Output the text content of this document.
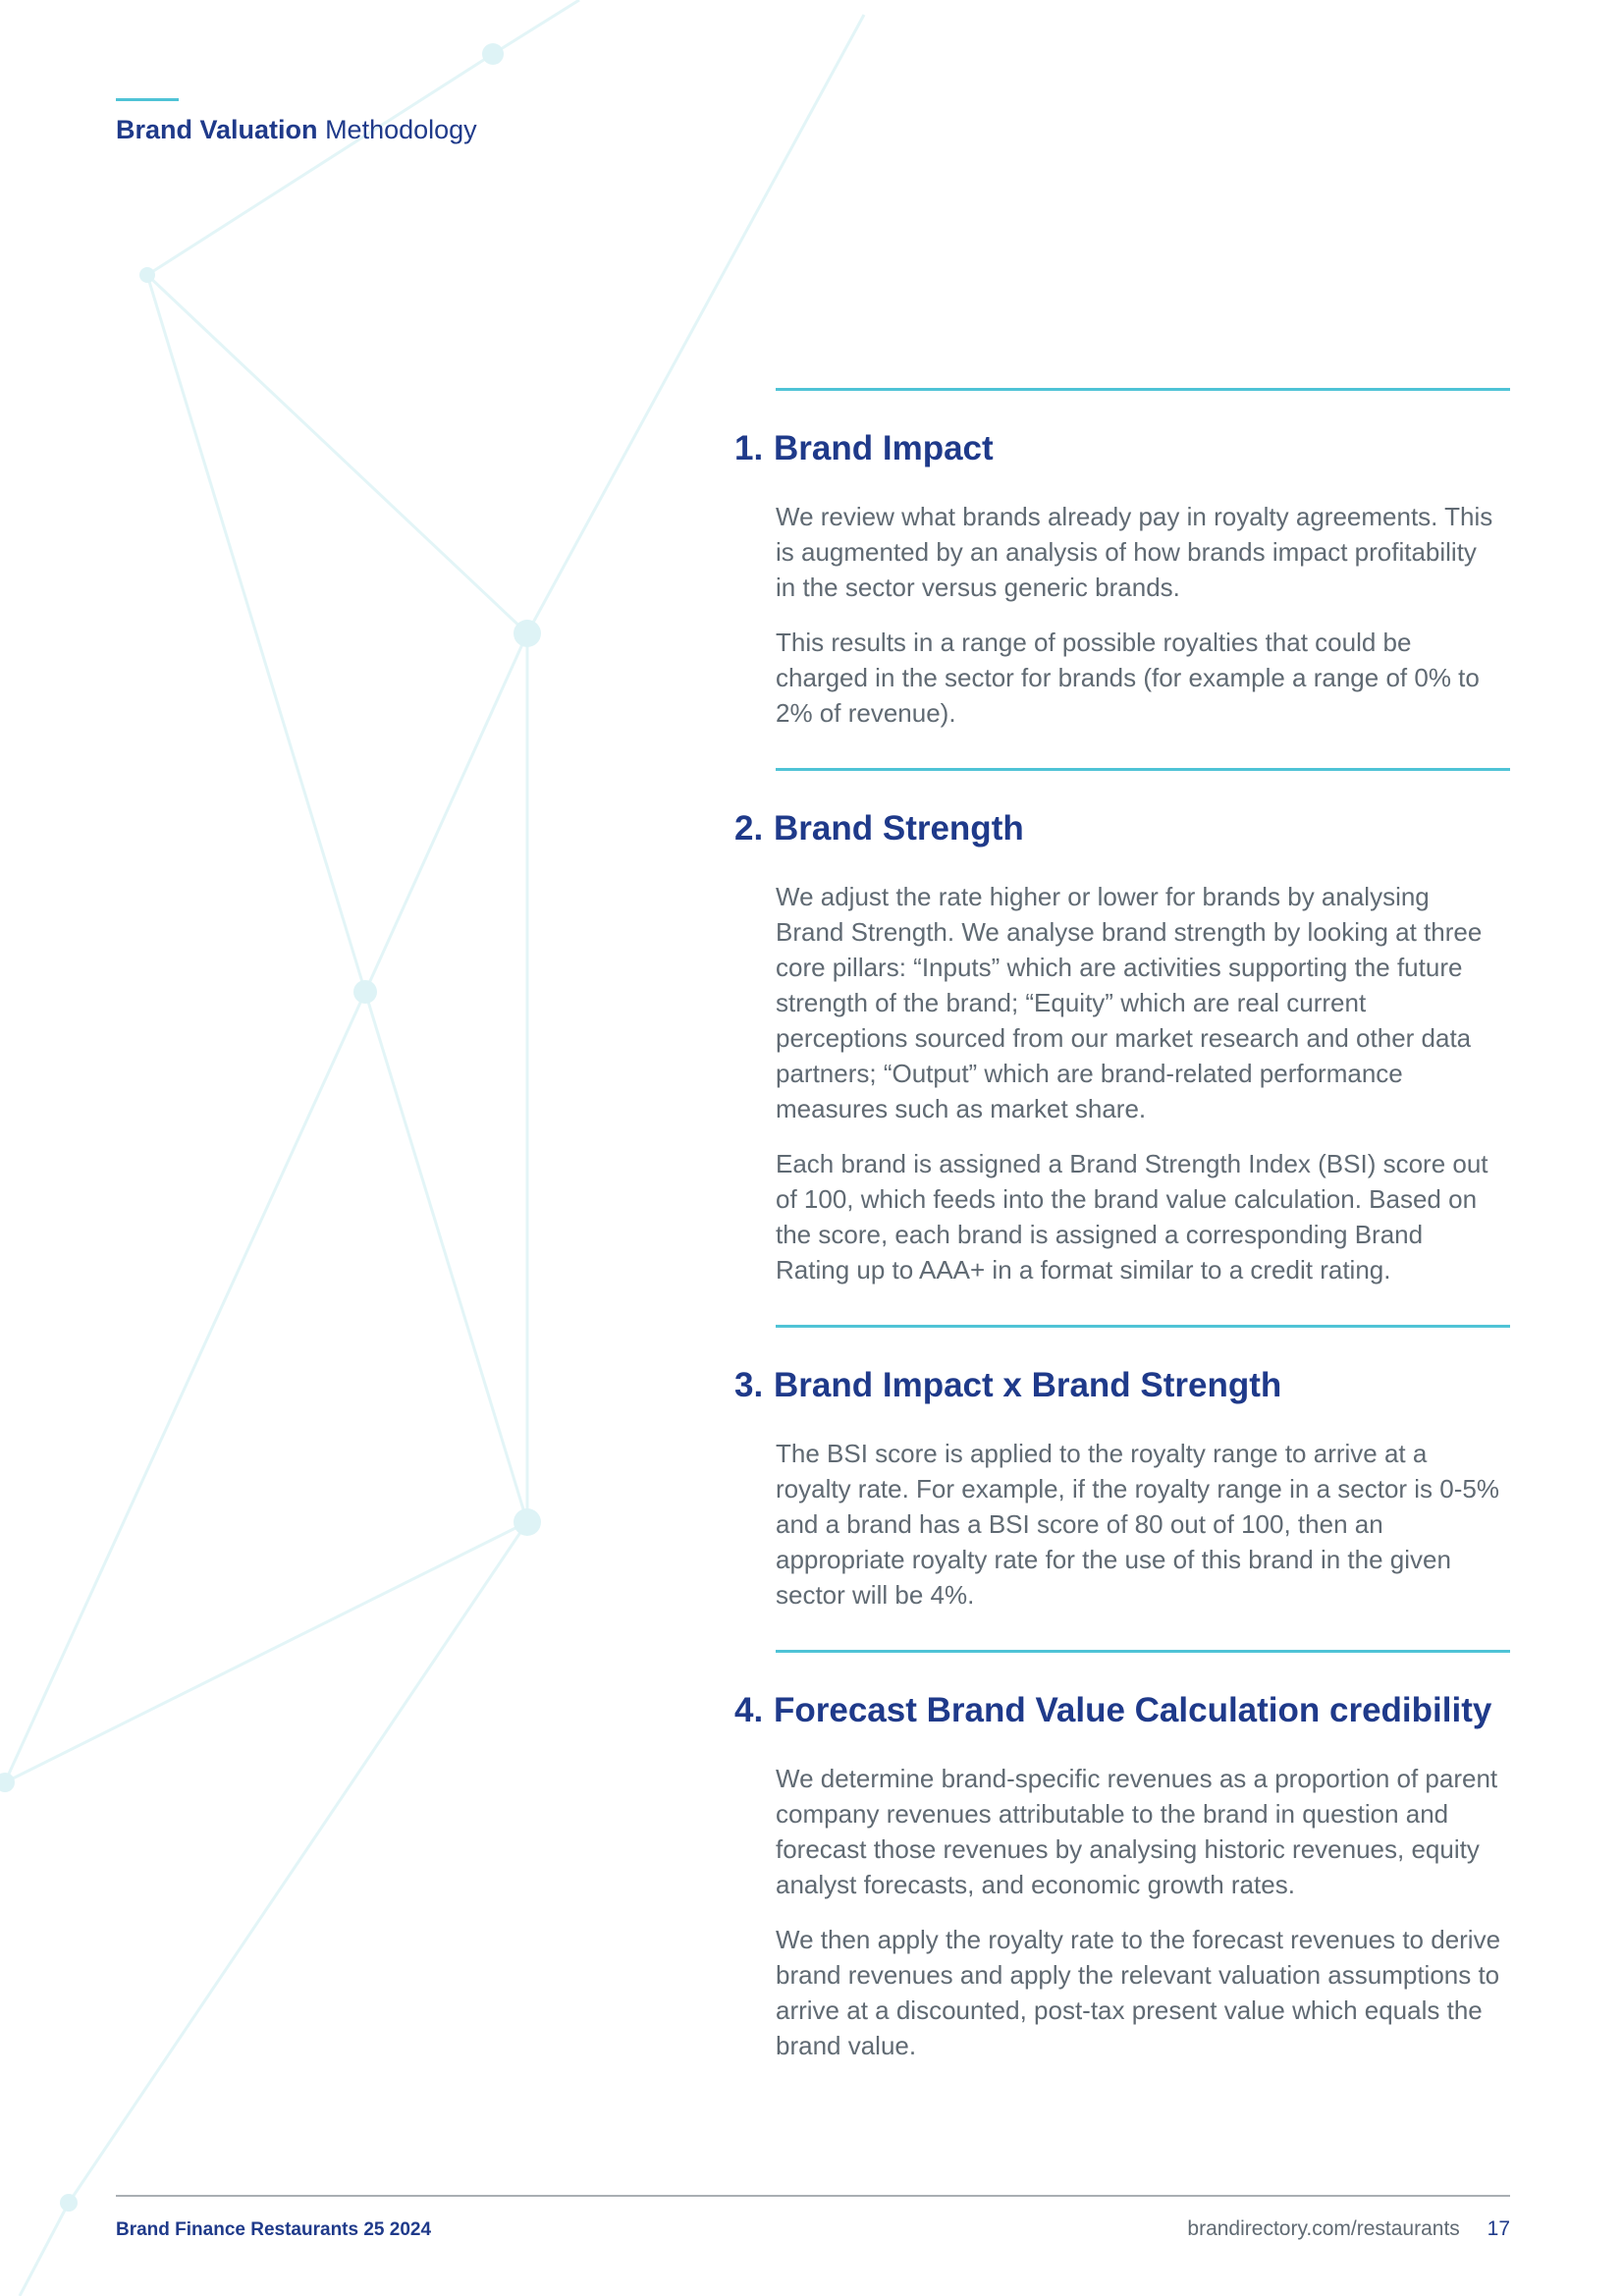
Brand Valuation Methodology
1. Brand Impact

We review what brands already pay in royalty agreements. This is augmented by an analysis of how brands impact profitability in the sector versus generic brands.

This results in a range of possible royalties that could be charged in the sector for brands (for example a range of 0% to 2% of revenue).

2. Brand Strength

We adjust the rate higher or lower for brands by analysing Brand Strength. We analyse brand strength by looking at three core pillars: “Inputs” which are activities supporting the future strength of the brand; “Equity” which are real current perceptions sourced from our market research and other data partners; “Output” which are brand-related performance measures such as market share.

Each brand is assigned a Brand Strength Index (BSI) score out of 100, which feeds into the brand value calculation. Based on the score, each brand is assigned a corresponding Brand Rating up to AAA+ in a format similar to a credit rating.

3. Brand Impact x Brand Strength

The BSI score is applied to the royalty range to arrive at a royalty rate. For example, if the royalty range in a sector is 0-5% and a brand has a BSI score of 80 out of 100, then an appropriate royalty rate for the use of this brand in the given sector will be 4%.

4. Forecast Brand Value Calculation credibility

We determine brand-specific revenues as a proportion of parent company revenues attributable to the brand in question and forecast those revenues by analysing historic revenues, equity analyst forecasts, and economic growth rates.

We then apply the royalty rate to the forecast revenues to derive brand revenues and apply the relevant valuation assumptions to arrive at a discounted, post-tax present value which equals the brand value.

Brand Finance Restaurants 25 2024	brandirectory.com/restaurants 17
